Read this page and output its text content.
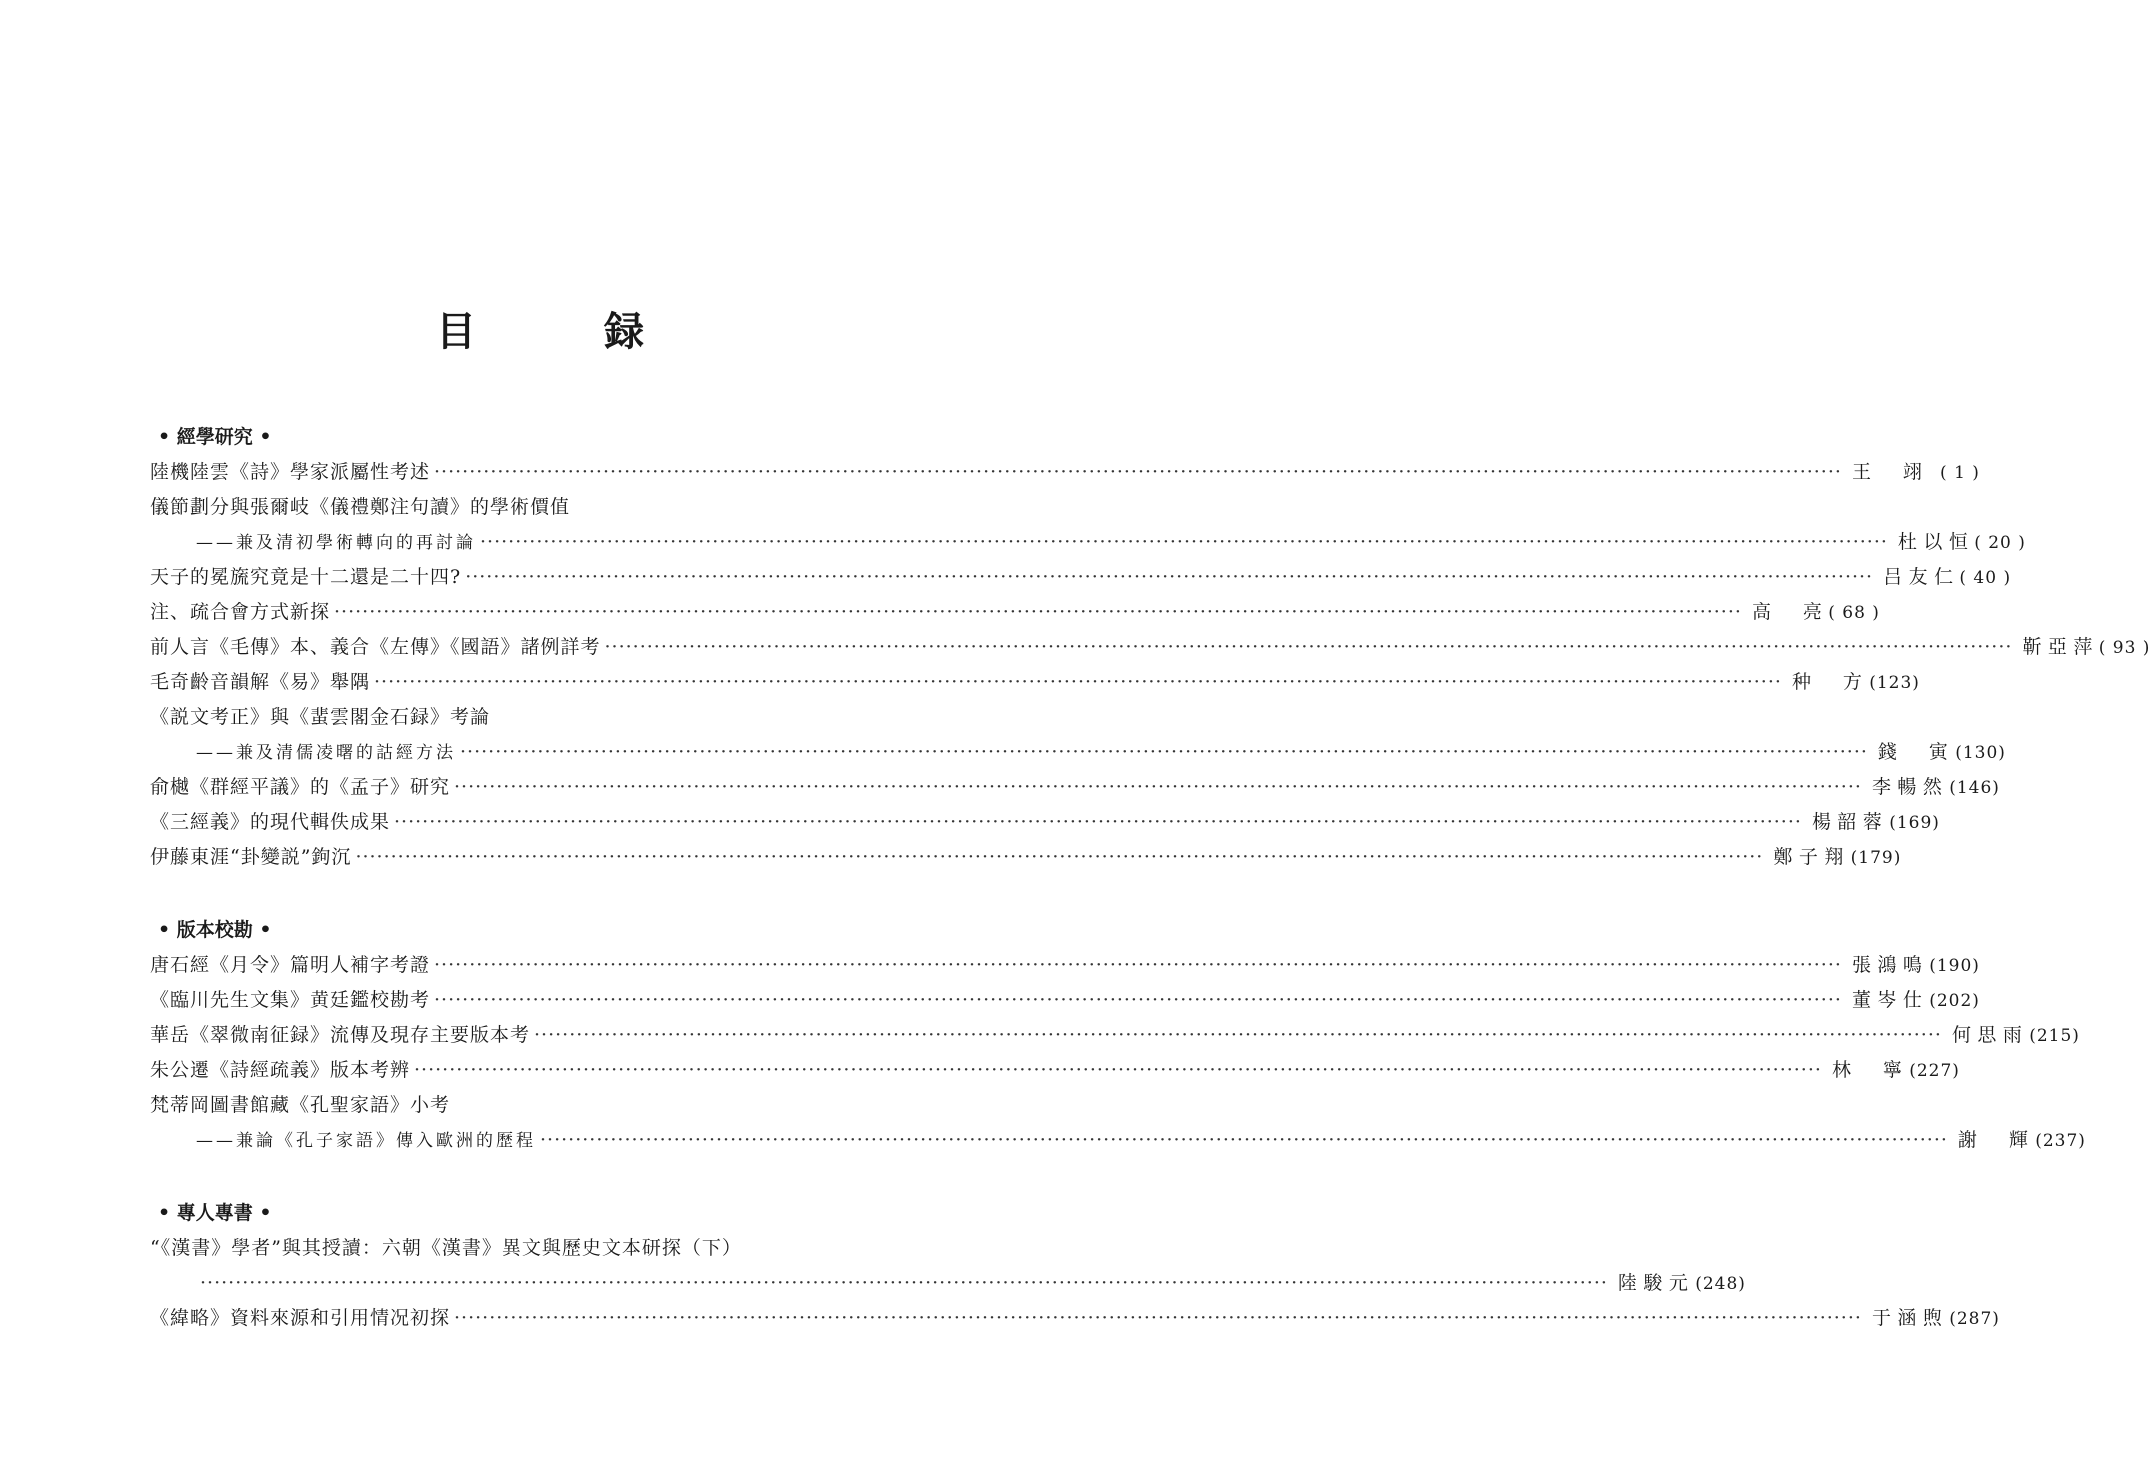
目　録
• 經學研究 •
陸機陸雲《詩》學家派屬性考述 ········································································································································································································ 王　翊 ( 1 )
儀節劃分與張爾岐《儀禮鄭注句讀》的學術價值
——兼及清初學術轉向的再討論 ········································································································································································································ 杜以恒 ( 20 )
天子的冕旒究竟是十二還是二十四? ········································································································································································································ 吕友仁 ( 40 )
注、疏合會方式新探 ········································································································································································································ 高　亮 ( 68 )
前人言《毛傳》本、義合《左傳》《國語》諸例詳考 ········································································································································································································ 靳亞萍 ( 93 )
毛奇齡音韻解《易》舉隅 ········································································································································································································ 种　方 (123)
《説文考正》與《蜚雲閣金石録》考論
——兼及清儒凌曙的詁經方法 ········································································································································································································ 錢　寅 (130)
俞樾《群經平議》的《孟子》研究 ········································································································································································································ 李暢然 (146)
《三經義》的現代輯佚成果 ········································································································································································································ 楊韶蓉 (169)
伊藤東涯“卦變説”鉤沉 ········································································································································································································ 鄭子翔 (179)
• 版本校勘 •
唐石經《月令》篇明人補字考證 ········································································································································································································ 張鴻鳴 (190)
《臨川先生文集》黄廷鑑校勘考 ········································································································································································································ 董岑仕 (202)
華岳《翠微南征録》流傳及現存主要版本考 ········································································································································································································ 何思雨 (215)
朱公遷《詩經疏義》版本考辨 ········································································································································································································ 林　寧 (227)
梵蒂岡圖書館藏《孔聖家語》小考
——兼論《孔子家語》傳入歐洲的歷程 ········································································································································································································ 謝　輝 (237)
• 專人專書 •
“《漢書》學者”與其授讀：六朝《漢書》異文與歷史文本研探（下）
········································································································································································································ 陸駿元 (248)
《緯略》資料來源和引用情况初探 ········································································································································································································ 于涵煦 (287)
